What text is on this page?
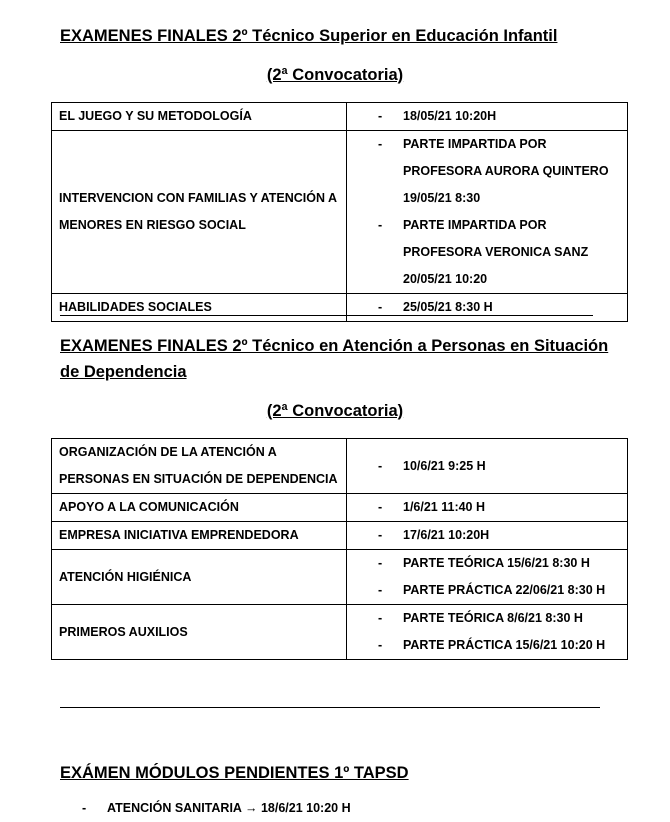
EXAMENES FINALES 2º Técnico Superior en Educación Infantil
(2ª Convocatoria)
EL JUEGO Y SU METODOLOGÍA	- 18/05/21 10:20H

INTERVENCION CON FAMILIAS Y ATENCIÓN A MENORES EN RIESGO SOCIAL	- PARTE IMPARTIDA POR PROFESORA AURORA QUINTERO 19/05/21 8:30
- PARTE IMPARTIDA POR PROFESORA VERONICA SANZ 20/05/21 10:20

HABILIDADES SOCIALES	- 25/05/21 8:30 H
EXAMENES FINALES 2º Técnico en Atención a Personas en Situación de Dependencia
(2ª Convocatoria)
ORGANIZACIÓN DE LA ATENCIÓN A PERSONAS EN SITUACIÓN DE DEPENDENCIA	- 10/6/21 9:25 H

APOYO A LA COMUNICACIÓN	- 1/6/21 11:40 H

EMPRESA INICIATIVA EMPRENDEDORA	- 17/6/21 10:20H

ATENCIÓN HIGIÉNICA	- PARTE TEÓRICA 15/6/21 8:30 H
- PARTE PRÁCTICA 22/06/21 8:30 H

PRIMEROS AUXILIOS	- PARTE TEÓRICA 8/6/21 8:30 H
- PARTE PRÁCTICA 15/6/21 10:20 H
EXÁMEN MÓDULOS PENDIENTES 1º TAPSD
- ATENCIÓN SANITARIA → 18/6/21 10:20 H
